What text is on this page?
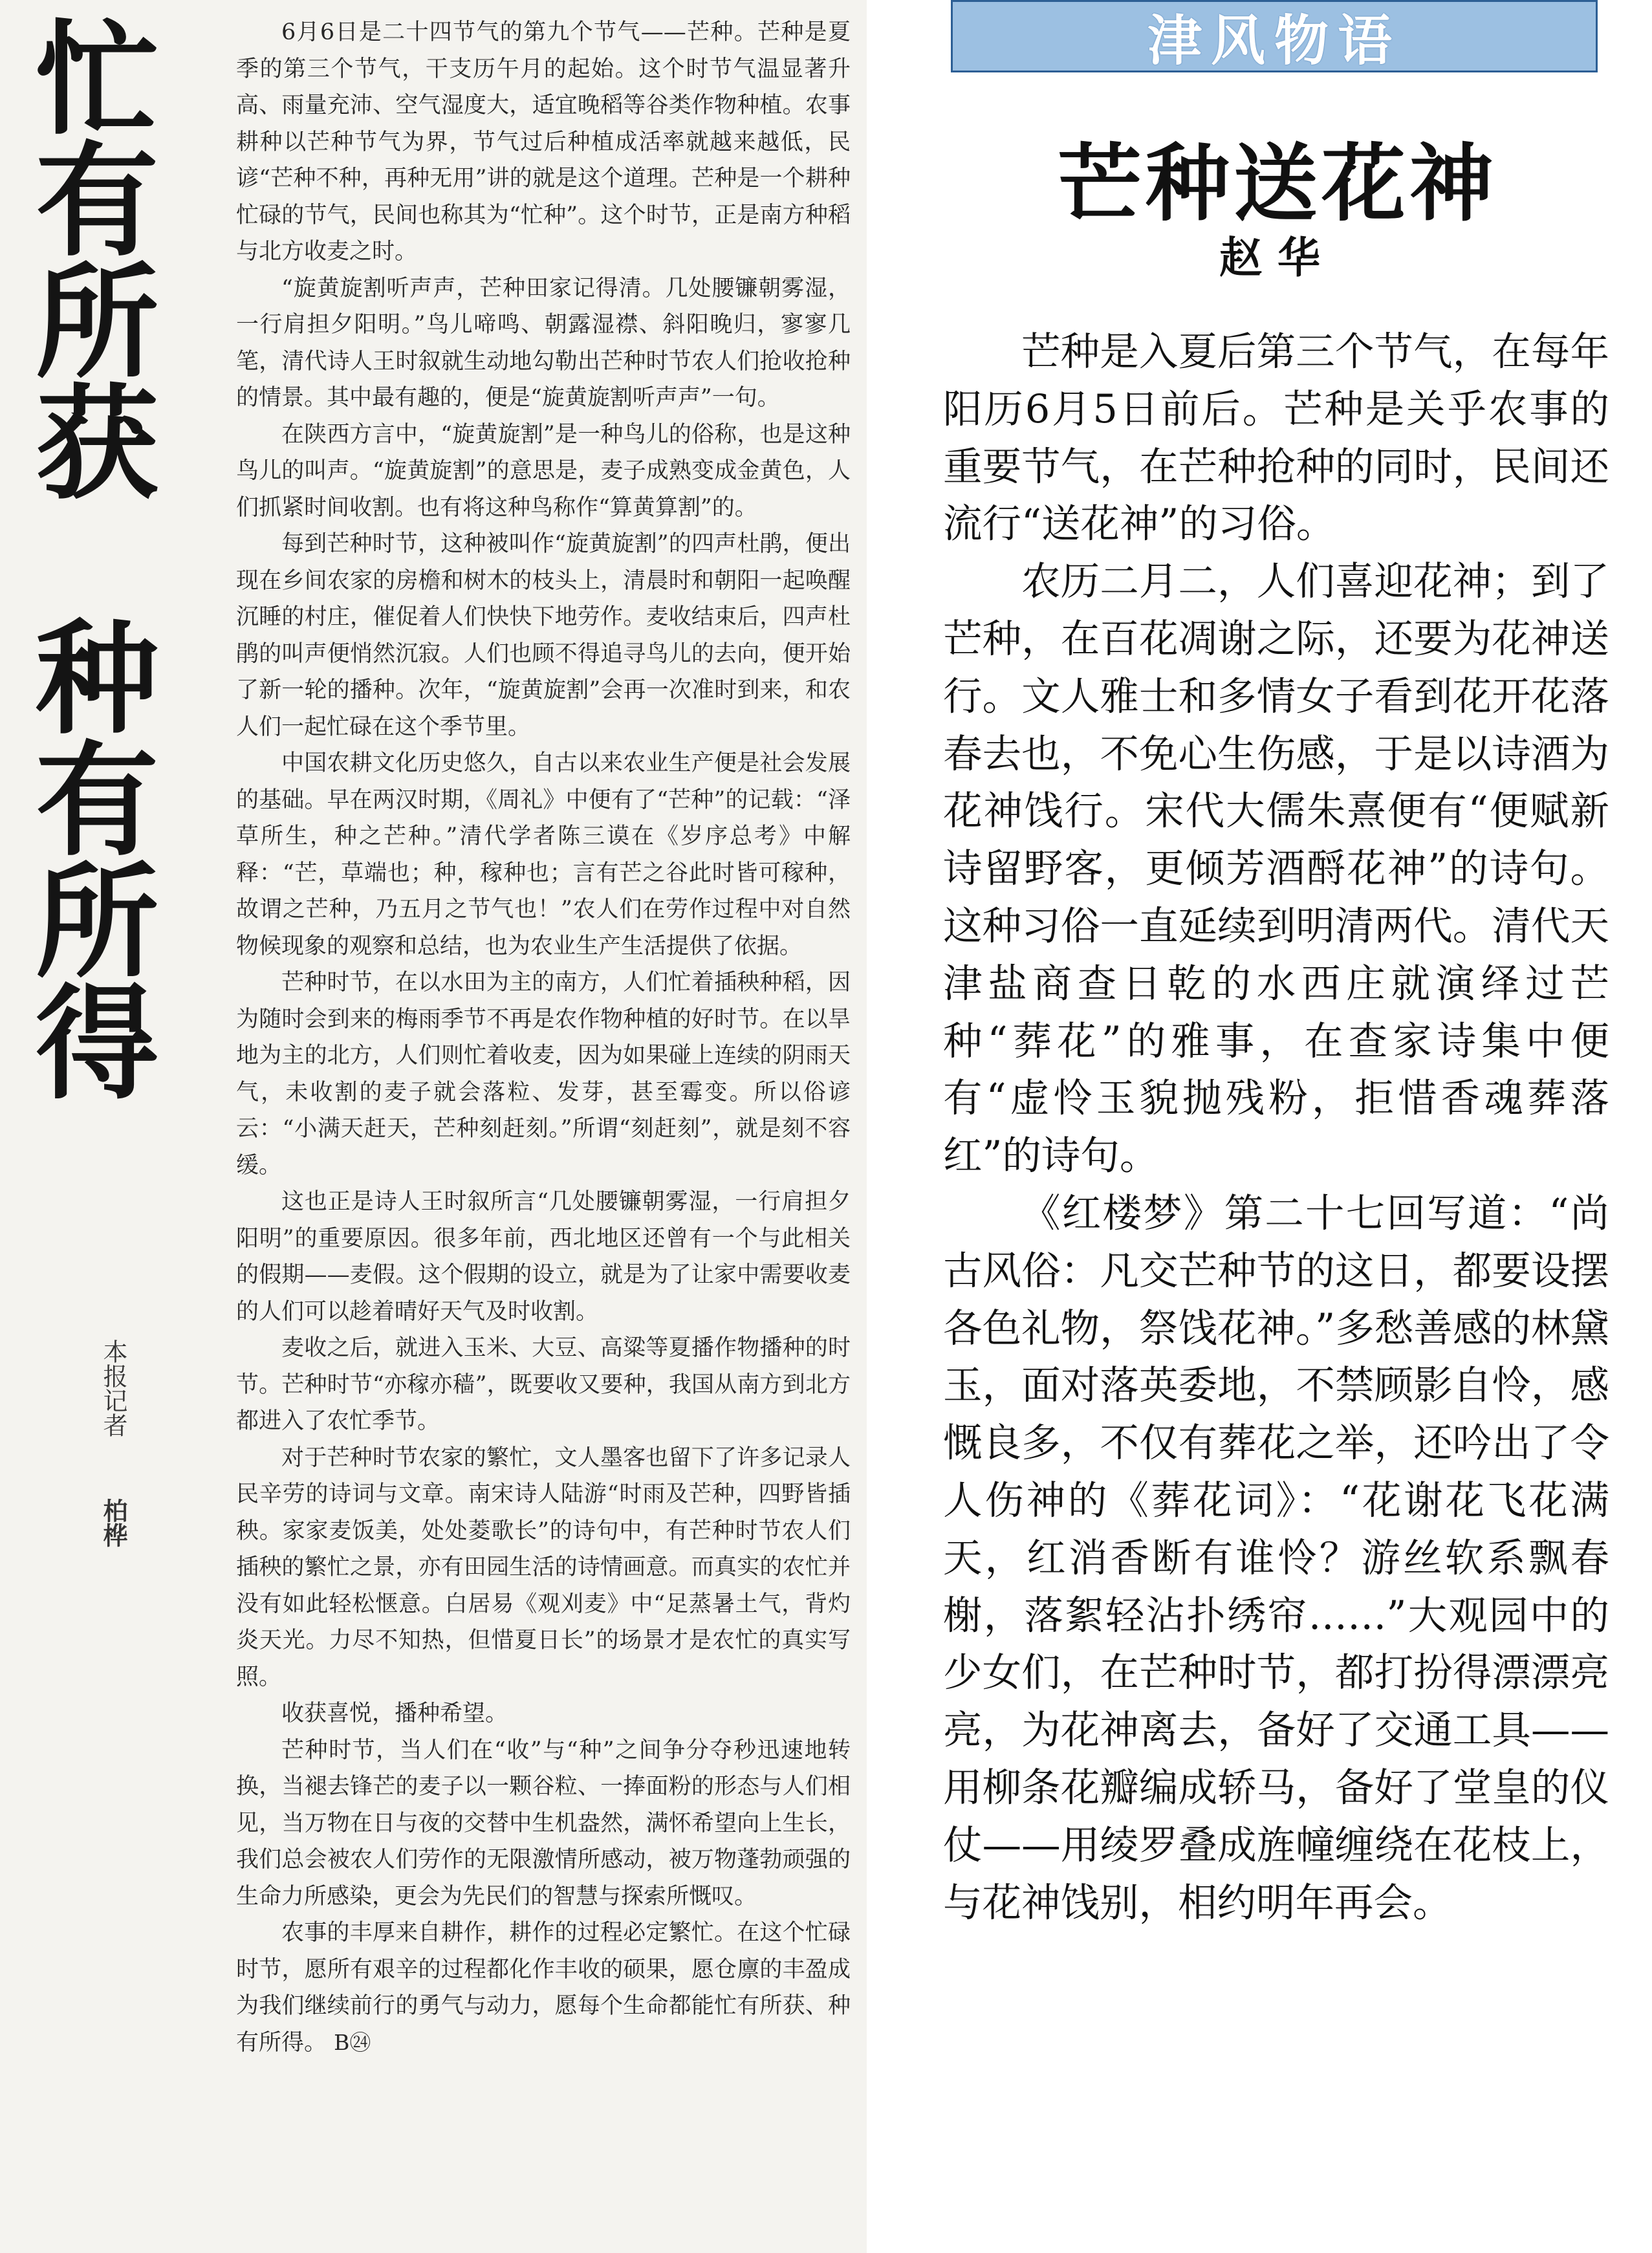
忙有所获
种有所得
本报记者 柏桦

6月6日是二十四节气的第九个节气——芒种。芒种是夏季的第三个节气，干支历午月的起始。这个时节气温显著升高、雨量充沛、空气湿度大，适宜晚稻等谷类作物种植。农事耕种以芒种节气为界，节气过后种植成活率就越来越低，民谚“芒种不种，再种无用”讲的就是这个道理。芒种是一个耕种忙碌的节气，民间也称其为“忙种”。这个时节，正是南方种稻与北方收麦之时。

“旋黄旋割听声声，芒种田家记得清。几处腰镰朝雾湿，一行肩担夕阳明。”鸟儿啼鸣、朝露湿襟、斜阳晚归，寥寥几笔，清代诗人王时叙就生动地勾勒出芒种时节农人们抢收抢种的情景。其中最有趣的，便是“旋黄旋割听声声”一句。

在陕西方言中，“旋黄旋割”是一种鸟儿的俗称，也是这种鸟儿的叫声。“旋黄旋割”的意思是，麦子成熟变成金黄色，人们抓紧时间收割。也有将这种鸟称作“算黄算割”的。

每到芒种时节，这种被叫作“旋黄旋割”的四声杜鹃，便出现在乡间农家的房檐和树木的枝头上，清晨时和朝阳一起唤醒沉睡的村庄，催促着人们快快下地劳作。麦收结束后，四声杜鹃的叫声便悄然沉寂。人们也顾不得追寻鸟儿的去向，便开始了新一轮的播种。次年，“旋黄旋割”会再一次准时到来，和农人们一起忙碌在这个季节里。

中国农耕文化历史悠久，自古以来农业生产便是社会发展的基础。早在两汉时期，《周礼》中便有了“芒种”的记载：“泽草所生，种之芒种。”清代学者陈三谟在《岁序总考》中解释：“芒，草端也；种，稼种也；言有芒之谷此时皆可稼种，故谓之芒种，乃五月之节气也！”农人们在劳作过程中对自然物候现象的观察和总结，也为农业生产生活提供了依据。

芒种时节，在以水田为主的南方，人们忙着插秧种稻，因为随时会到来的梅雨季节不再是农作物种植的好时节。在以旱地为主的北方，人们则忙着收麦，因为如果碰上连续的阴雨天气，未收割的麦子就会落粒、发芽，甚至霉变。所以俗谚云：“小满天赶天，芒种刻赶刻。”所谓“刻赶刻”，就是刻不容缓。

这也正是诗人王时叙所言“几处腰镰朝雾湿，一行肩担夕阳明”的重要原因。很多年前，西北地区还曾有一个与此相关的假期——麦假。这个假期的设立，就是为了让家中需要收麦的人们可以趁着晴好天气及时收割。

麦收之后，就进入玉米、大豆、高粱等夏播作物播种的时节。芒种时节“亦稼亦穑”，既要收又要种，我国从南方到北方都进入了农忙季节。

对于芒种时节农家的繁忙，文人墨客也留下了许多记录人民辛劳的诗词与文章。南宋诗人陆游“时雨及芒种，四野皆插秧。家家麦饭美，处处菱歌长”的诗句中，有芒种时节农人们插秧的繁忙之景，亦有田园生活的诗情画意。而真实的农忙并没有如此轻松惬意。白居易《观刈麦》中“足蒸暑土气，背灼炎天光。力尽不知热，但惜夏日长”的场景才是农忙的真实写照。

收获喜悦，播种希望。

芒种时节，当人们在“收”与“种”之间争分夺秒迅速地转换，当褪去锋芒的麦子以一颗谷粒、一捧面粉的形态与人们相见，当万物在日与夜的交替中生机盎然，满怀希望向上生长，我们总会被农人们劳作的无限激情所感动，被万物蓬勃顽强的生命力所感染，更会为先民们的智慧与探索所慨叹。

农事的丰厚来自耕作，耕作的过程必定繁忙。在这个忙碌时节，愿所有艰辛的过程都化作丰收的硕果，愿仓廪的丰盈成为我们继续前行的勇气与动力，愿每个生命都能忙有所获、种有所得。 B㉔

津风物语
芒种送花神
赵华

芒种是入夏后第三个节气，在每年阳历6月5日前后。芒种是关乎农事的重要节气，在芒种抢种的同时，民间还流行“送花神”的习俗。

农历二月二，人们喜迎花神；到了芒种，在百花凋谢之际，还要为花神送行。文人雅士和多情女子看到花开花落春去也，不免心生伤感，于是以诗酒为花神饯行。宋代大儒朱熹便有“便赋新诗留野客，更倾芳酒酹花神”的诗句。这种习俗一直延续到明清两代。清代天津盐商查日乾的水西庄就演绎过芒种“葬花”的雅事，在查家诗集中便有“虚怜玉貌抛残粉，拒惜香魂葬落红”的诗句。

《红楼梦》第二十七回写道：“尚古风俗：凡交芒种节的这日，都要设摆各色礼物，祭饯花神。”多愁善感的林黛玉，面对落英委地，不禁顾影自怜，感慨良多，不仅有葬花之举，还吟出了令人伤神的《葬花词》：“花谢花飞花满天，红消香断有谁怜？游丝软系飘春榭，落絮轻沾扑绣帘……”大观园中的少女们，在芒种时节，都打扮得漂漂亮亮，为花神离去，备好了交通工具——用柳条花瓣编成轿马，备好了堂皇的仪仗——用绫罗叠成旌幢缠绕在花枝上，与花神饯别，相约明年再会。
